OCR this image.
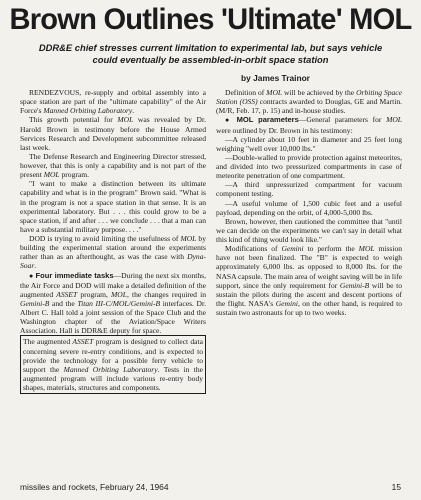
Brown Outlines 'Ultimate' MOL
DDR&E chief stresses current limitation to experimental lab, but says vehicle could eventually be assembled-in-orbit space station
by James Trainor

RENDEZVOUS, re-supply and orbital assembly into a space station are part of the "ultimate capability" of the Air Force's Manned Orbiting Laboratory.

This growth potential for MOL was revealed by Dr. Harold Brown in testimony before the House Armed Services Research and Development subcommittee released last week.

The Defense Research and Engineering Director stressed, however, that this is only a capability and is not part of the present MOL program.

"I want to make a distinction between its ultimate capability and what is in the program" Brown said. "What is in the program is not a space station in that sense. It is an experimental laboratory. But . . . this could grow to be a space station, if and after . . . we conclude . . . that a man can have a substantial military purpose. . . ."

DOD is trying to avoid limiting the usefulness of MOL by building the experimental station around the experiments rather than as an afterthought, as was the case with Dyna-Soar.

● Four immediate tasks—During the next six months, the Air Force and DOD will make a detailed definition of the augmented ASSET program, MOL, the changes required in Gemini-B and the Titan III-C/MOL/Gemini-B interfaces. Dr. Albert C. Hall told a joint session of the Space Club and the Washington chapter of the Aviation/Space Writers Association. Hall is DDR&E deputy for space.

The augmented ASSET program is designed to collect data concerning severe re-entry conditions, and is expected to provide the technology for a possible ferry vehicle to support the Manned Orbiting Laboratory. Tests in the augmented program will include various re-entry body shapes, materials, structures and components.

Definition of MOL will be achieved by the Orbiting Space Station (OSS) contracts awarded to Douglas, GE and Martin. (M/R, Feb. 17, p. 15) and in-house studies.

● MOL parameters—General parameters for MOL were outlined by Dr. Brown in his testimony:

—A cylinder about 10 feet in diameter and 25 feet long weighing "well over 10,000 lbs."

—Double-walled to provide protection against meteorites, and divided into two pressurized compartments in case of meteorite penetration of one compartment.

—A third unpressurized compartment for vacuum component testing.

—A useful volume of 1,500 cubic feet and a useful payload, depending on the orbit, of 4,000-5,000 lbs.

Brown, however, then cautioned the committee that "until we can decide on the experiments we can't say in detail what this kind of thing would look like."

Modifications of Gemini to perform the MOL mission have not been finalized. The "B" is expected to weigh approximately 6,000 lbs. as opposed to 8,000 lbs. for the NASA capsule. The main area of weight saving will be in life support, since the only requirement for Gemini-B will be to sustain the pilots during the ascent and descent portions of the flight. NASA's Gemini, on the other hand, is required to sustain two astronauts for up to two weeks.

missiles and rockets, February 24, 1964	15
